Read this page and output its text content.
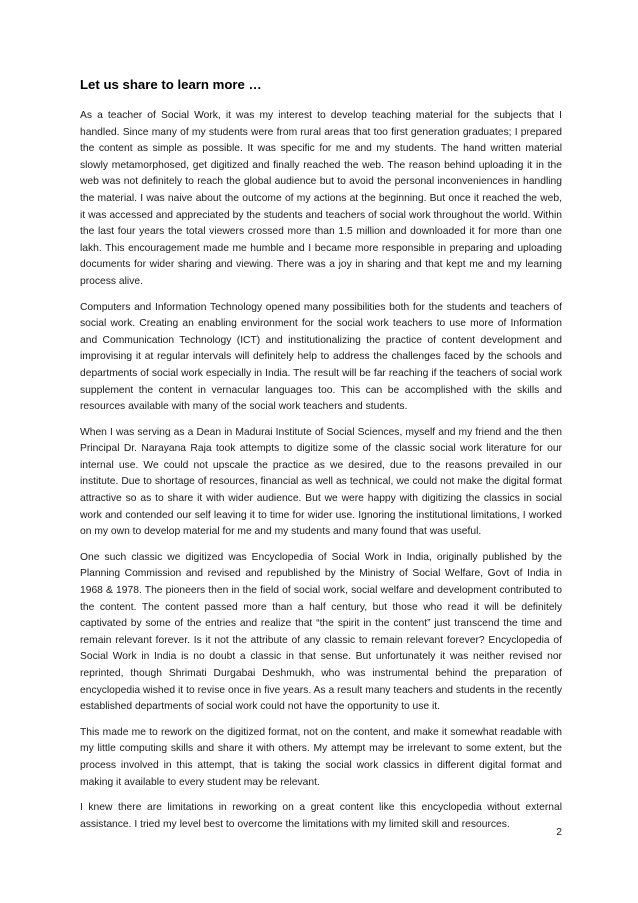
Let us share to learn more …

As a teacher of Social Work, it was my interest to develop teaching material for the subjects that I handled. Since many of my students were from rural areas that too first generation graduates; I prepared the content as simple as possible. It was specific for me and my students. The hand written material slowly metamorphosed, get digitized and finally reached the web. The reason behind uploading it in the web was not definitely to reach the global audience but to avoid the personal inconveniences in handling the material. I was naive about the outcome of my actions at the beginning. But once it reached the web, it was accessed and appreciated by the students and teachers of social work throughout the world. Within the last four years the total viewers crossed more than 1.5 million and downloaded it for more than one lakh. This encouragement made me humble and I became more responsible in preparing and uploading documents for wider sharing and viewing. There was a joy in sharing and that kept me and my learning process alive.

Computers and Information Technology opened many possibilities both for the students and teachers of social work. Creating an enabling environment for the social work teachers to use more of Information and Communication Technology (ICT) and institutionalizing the practice of content development and improvising it at regular intervals will definitely help to address the challenges faced by the schools and departments of social work especially in India. The result will be far reaching if the teachers of social work supplement the content in vernacular languages too. This can be accomplished with the skills and resources available with many of the social work teachers and students.

When I was serving as a Dean in Madurai Institute of Social Sciences, myself and my friend and the then Principal Dr. Narayana Raja took attempts to digitize some of the classic social work literature for our internal use. We could not upscale the practice as we desired, due to the reasons prevailed in our institute. Due to shortage of resources, financial as well as technical, we could not make the digital format attractive so as to share it with wider audience. But we were happy with digitizing the classics in social work and contended our self leaving it to time for wider use. Ignoring the institutional limitations, I worked on my own to develop material for me and my students and many found that was useful.

One such classic we digitized was Encyclopedia of Social Work in India, originally published by the Planning Commission and revised and republished by the Ministry of Social Welfare, Govt of India in 1968 & 1978. The pioneers then in the field of social work, social welfare and development contributed to the content. The content passed more than a half century, but those who read it will be definitely captivated by some of the entries and realize that “the spirit in the content” just transcend the time and remain relevant forever. Is it not the attribute of any classic to remain relevant forever? Encyclopedia of Social Work in India is no doubt a classic in that sense. But unfortunately it was neither revised nor reprinted, though Shrimati Durgabai Deshmukh, who was instrumental behind the preparation of encyclopedia wished it to revise once in five years. As a result many teachers and students in the recently established departments of social work could not have the opportunity to use it.

This made me to rework on the digitized format, not on the content, and make it somewhat readable with my little computing skills and share it with others. My attempt may be irrelevant to some extent, but the process involved in this attempt, that is taking the social work classics in different digital format and making it available to every student may be relevant.

I knew there are limitations in reworking on a great content like this encyclopedia without external assistance. I tried my level best to overcome the limitations with my limited skill and resources.

2
